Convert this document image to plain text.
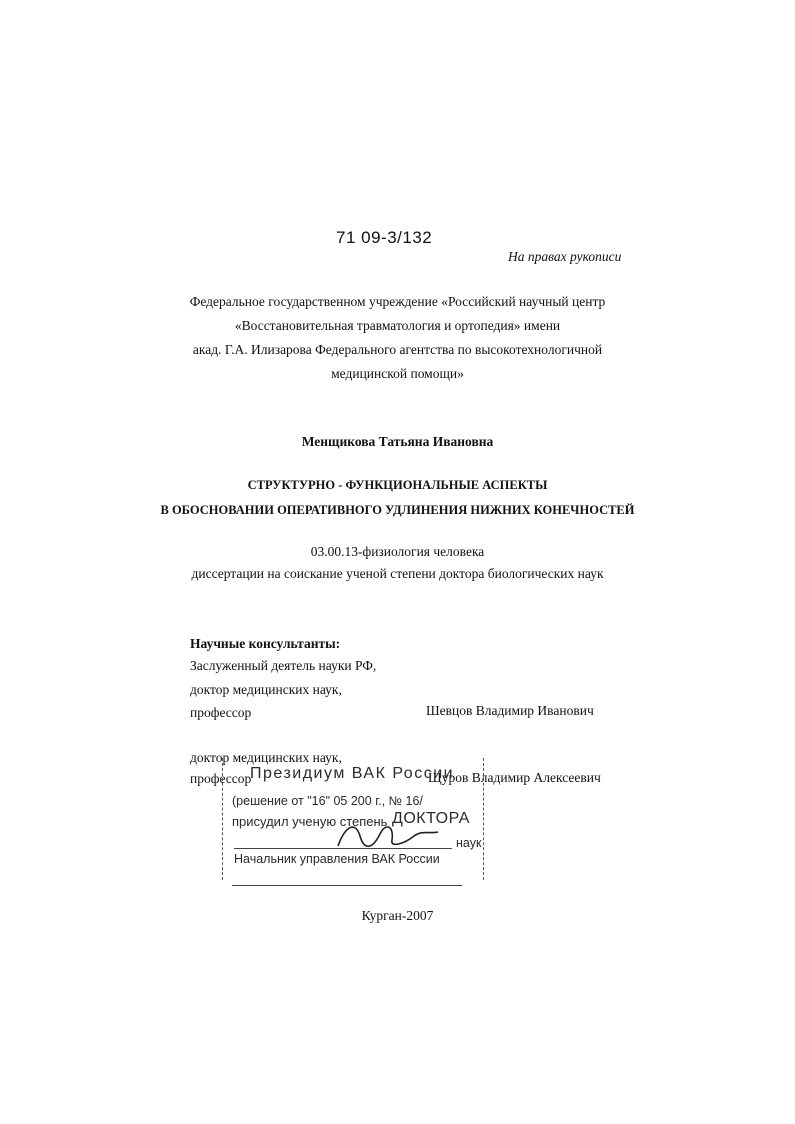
71 09-3/132
На правах рукописи
Федеральное государственном учреждение «Российский научный центр
«Восстановительная травматология и ортопедия» имени
акад. Г.А. Илизарова Федерального агентства по высокотехнологичной
медицинской помощи»
Менщикова Татьяна Ивановна
СТРУКТУРНО - ФУНКЦИОНАЛЬНЫЕ АСПЕКТЫ
В ОБОСНОВАНИИ ОПЕРАТИВНОГО УДЛИНЕНИЯ НИЖНИХ КОНЕЧНОСТЕЙ
03.00.13-физиология человека
диссертации на соискание ученой степени доктора биологических наук
Научные консультанты:
Заслуженный деятель науки РФ,
доктор медицинских наук,
профессор	Шевцов Владимир Иванович
доктор медицинских наук,
профессор	Щуров Владимир Алексеевич
Президиум ВАК России
(решение от "16" 05 200 г., № 16/
присудил ученую степень ДОКТОРА
наук
Начальник управления ВАК России
Курган-2007
